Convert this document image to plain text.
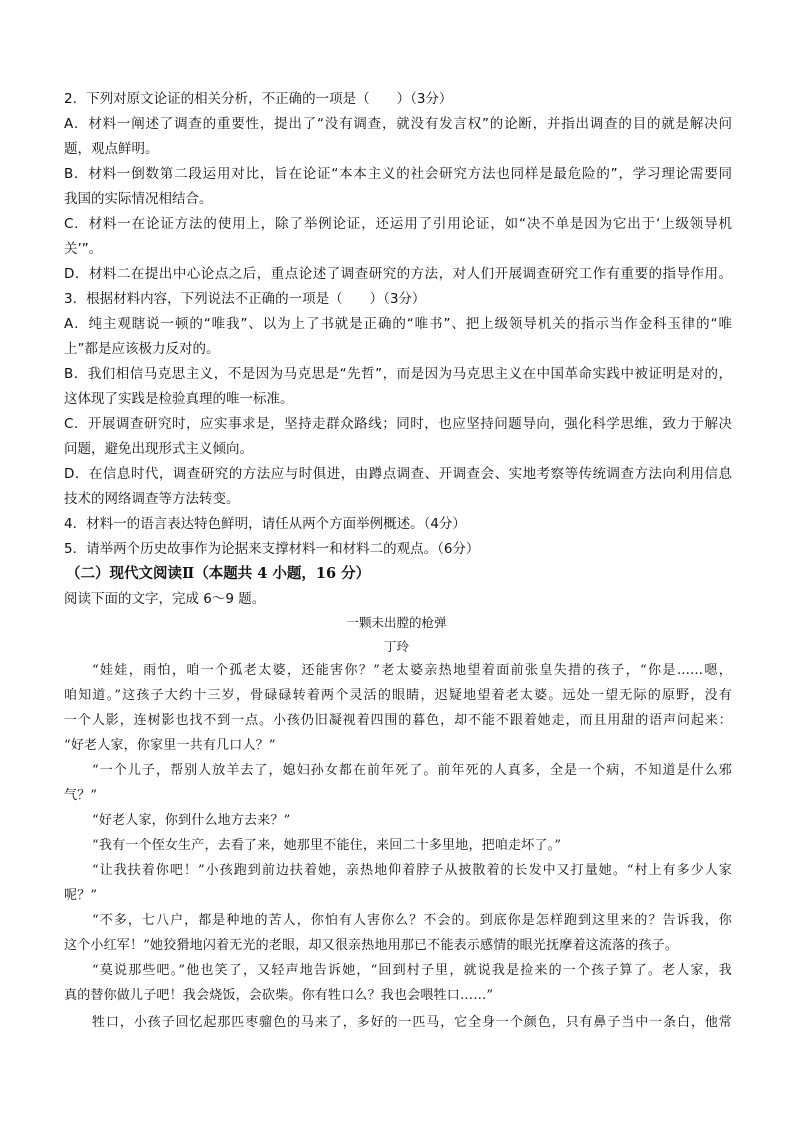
2．下列对原文论证的相关分析，不正确的一项是（　　）（3分）
A．材料一阐述了调查的重要性，提出了“没有调查，就没有发言权”的论断，并指出调查的目的就是解决问
题，观点鲜明。
B．材料一倒数第二段运用对比，旨在论证“本本主义的社会研究方法也同样是最危险的”，学习理论需要同
我国的实际情况相结合。
C．材料一在论证方法的使用上，除了举例论证，还运用了引用论证，如“决不单是因为它出于‘上级领导机
关’”。
D．材料二在提出中心论点之后，重点论述了调查研究的方法，对人们开展调查研究工作有重要的指导作用。
3．根据材料内容，下列说法不正确的一项是（　　）（3分）
A．纯主观瞎说一顿的“唯我”、以为上了书就是正确的“唯书”、把上级领导机关的指示当作金科玉律的“唯
上”都是应该极力反对的。
B．我们相信马克思主义，不是因为马克思是“先哲”，而是因为马克思主义在中国革命实践中被证明是对的，
这体现了实践是检验真理的唯一标准。
C．开展调查研究时，应实事求是，坚持走群众路线；同时，也应坚持问题导向，强化科学思维，致力于解决
问题，避免出现形式主义倾向。
D．在信息时代，调查研究的方法应与时俱进，由蹲点调查、开调查会、实地考察等传统调查方法向利用信息
技术的网络调查等方法转变。
4．材料一的语言表达特色鲜明，请任从两个方面举例概述。（4分）
5．请举两个历史故事作为论据来支撑材料一和材料二的观点。（6分）
（二）现代文阅读Ⅱ（本题共 4 小题，16 分）
阅读下面的文字，完成 6～9 题。
一颗未出膛的枪弹
丁玲
“娃娃，雨怕，咱一个孤老太婆，还能害你？”老太婆亲热地望着面前张皇失措的孩子，“你是……嗯，
咱知道。”这孩子大约十三岁，骨碌碌转着两个灵活的眼睛，迟疑地望着老太婆。远处一望无际的原野，没有
一个人影，连树影也找不到一点。小孩仍旧凝视着四围的暮色，却不能不跟着她走，而且用甜的语声问起来：
“好老人家，你家里一共有几口人？”
“一个儿子，帮别人放羊去了，媳妇孙女都在前年死了。前年死的人真多，全是一个病，不知道是什么邪
气？”
“好老人家，你到什么地方去来？”
“我有一个侄女生产，去看了来，她那里不能住，来回二十多里地，把咱走坏了。”
“让我扶着你吧！”小孩跑到前边扶着她，亲热地仰着脖子从披散着的长发中又打量她。“村上有多少人家
呢？”
“不多，七八户，都是种地的苦人，你怕有人害你么？不会的。到底你是怎样跑到这里来的？告诉我，你
这个小红军！”她狡猾地闪着无光的老眼，却又很亲热地用那已不能表示感情的眼光抚摩着这流落的孩子。
“莫说那些吧。”他也笑了，又轻声地告诉她，“回到村子里，就说我是捡来的一个孩子算了。老人家，我
真的替你做儿子吧！我会烧饭，会砍柴。你有牲口么？我也会喂牲口……”
牲口，小孩子回忆起那匹枣骝色的马来了，多好的一匹马，它全身一个颜色，只有鼻子当中一条白，他常
